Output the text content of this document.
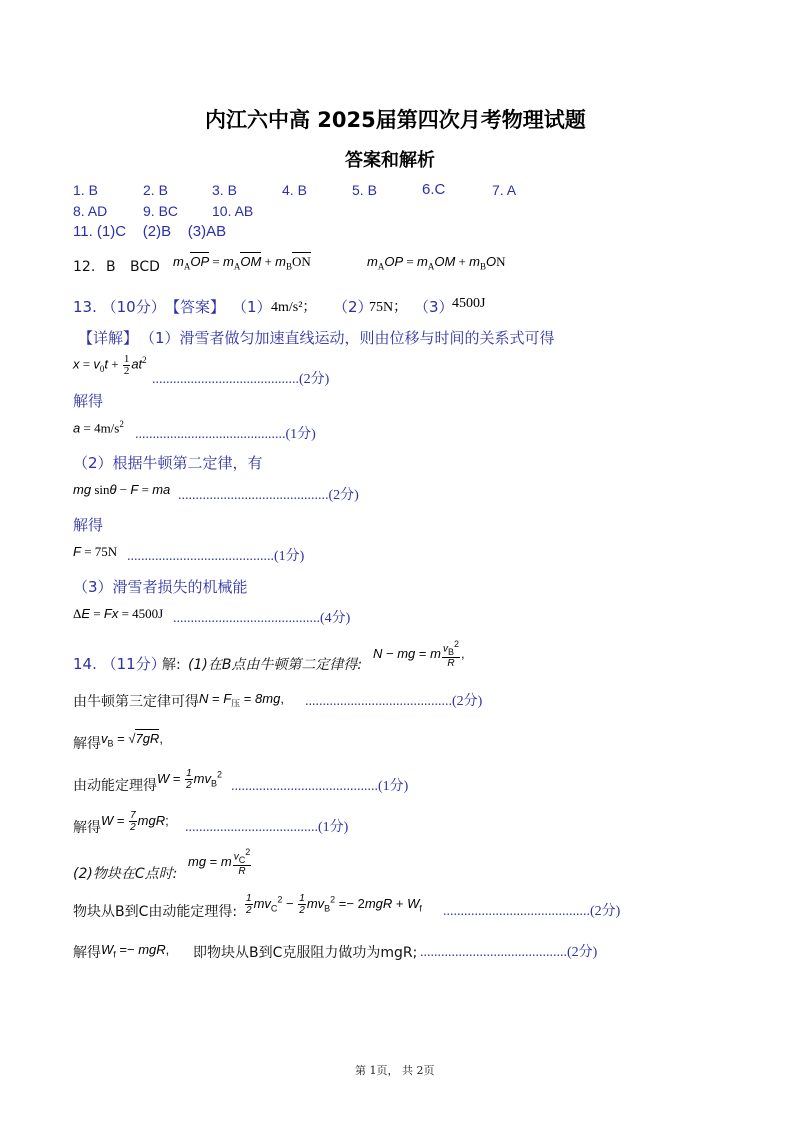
内江六中高 2025届第四次月考物理试题
答案和解析
1. B	2. B	3. B	4. B	5. B	6.C	7. A
8. AD	9. BC 10. AB
11. (1)C    (2)B    (3)AB
12. B BCD $m_AOP = m_AOM + m_BON$	$m_AOP = m_AOM + m_BON$
13. （10分） 【答案】 （1） 4m/s²； （2）
75N； （3）
4500J
【详解】 （1）滑雪者做匀加速直线运动，则由位移与时间的关系式可得
$x = v_0t + \frac{1}{2} at^2$
..........................................(2分)
解得
$a = 4m/s^2$
...........................................(1分)
（2）根据牛顿第二定律，有
mg sinθ − F = ma ...........................................(2分)
解得
F = 75N ..........................................(1分)
（3）滑雪者损失的机械能
ΔE = Fx = 4500J ..........................................(4分)
14. （11分）
解: (1)在B点由牛顿第二定律得:
N − mg = m $\frac{v_B^2}{R}$ ,
由牛顿第三定律可得 $N = F_压 = 8mg$, ..........................................(2分)
解得 $v_B = √7gR$,
由动能定理得 $W = \frac{1}{2} mv_B^2$
..........................................(1分)
解得 $W = \frac{7}{2}$ mgR; ......................................(1分)
(2)物块在C点时:
mg = m $\frac{v_C^2}{R}$
物块从B到C由动能定理得: $\frac{1}{2} mv_C^2 - \frac{1}{2} mv_B^2 =- 2mgR + W_f$ ..........................................(2分)
解得 $W_f$ =− mgR, 即物块从B到C克服阻力做功为mgR; ..........................................(2分)
第 1页， 共 2页
